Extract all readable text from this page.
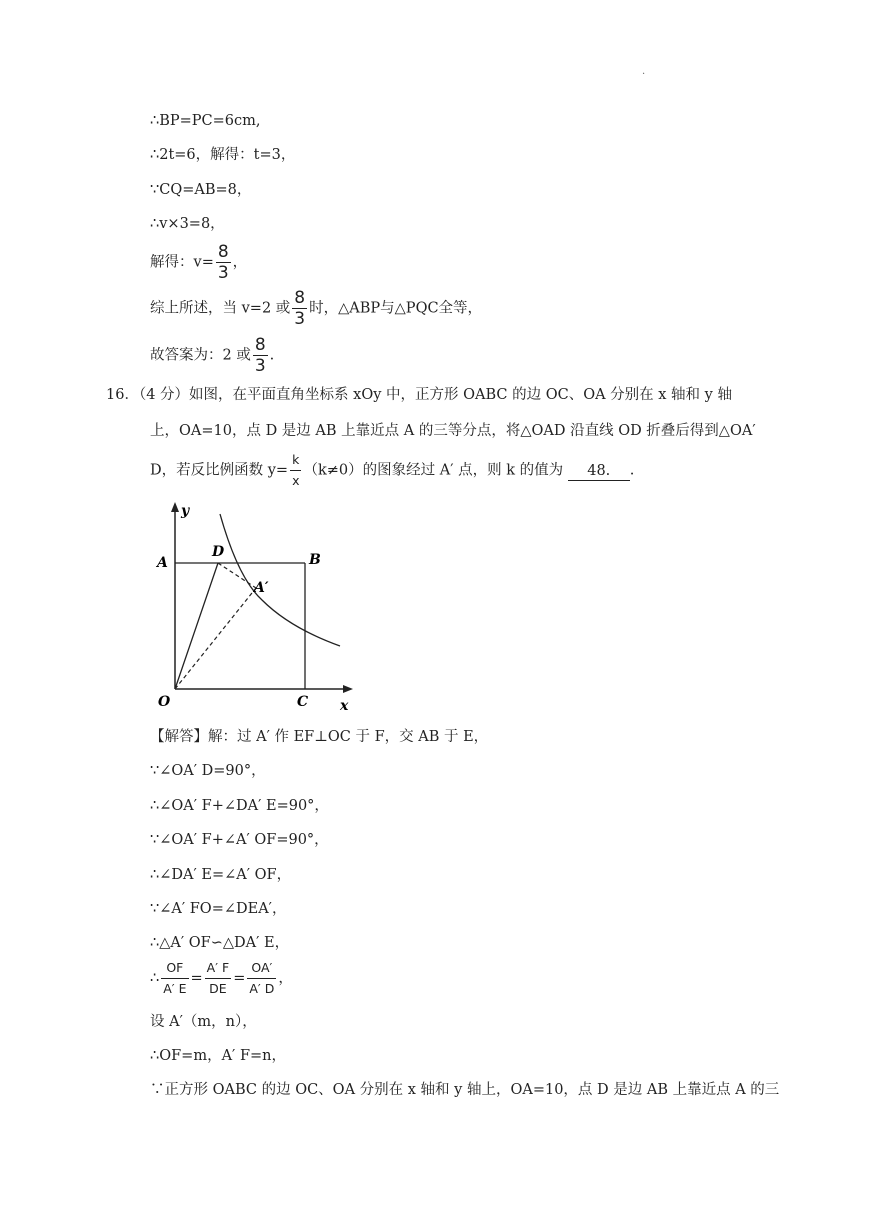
.
∴BP=PC=6cm,
∴2t=6，解得：t=3，
∵CQ=AB=8，
∴v×3=8，
解得：$v= \frac{8}{3}$ ，
综上所述，当 v=2 或 $\frac{8}{3}$ 时，△ABP与△PQC全等，
故答案为：2 或 $\frac{8}{3}$ .
16．（4 分）如图，在平面直角坐标系 xOy 中，正方形 OABC 的边 OC、OA 分别在 x 轴和 y 轴
上，OA=10，点 D 是边 AB 上靠近点 A 的三等分点，将△OAD 沿直线 OD 折叠后得到△OA′
D，若反比例函数 $y= \frac{k}{x} (k\ne 0)$的图象经过 A′ 点，则 k 的值为 48. .
y
A
D	B
A′
O	C x
【解答】解：过 A′ 作 EF⊥OC 于 F，交 AB 于 E，
∵∠OA′ D=90°，
∴∠OA′ F+∠DA′ E=90°，
∵∠OA′ F+∠A′ OF=90°，
∴∠DA′ E=∠A′ OF，
∵∠A′ FO=∠DEA′，
∴△A′ OF∽△DA′ E，
∴ $\frac{OF}{A' E} = \frac{A' F}{DE} = \frac{OA'}{A' D}$ ，
设 A′（m，n），
∴OF=m，A′ F=n，
∵正方形 OABC 的边 OC、OA 分别在 x 轴和 y 轴上，OA=10，点 D 是边 AB 上靠近点 A 的三
